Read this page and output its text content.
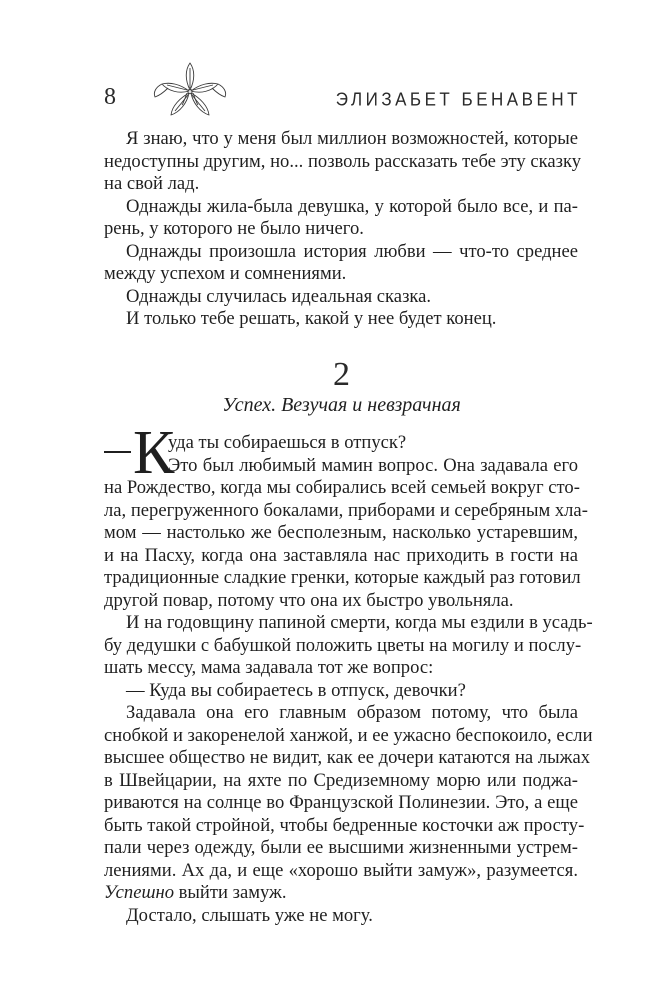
8	ЭЛИЗАБЕТ БЕНАВЕНТ
Я знаю, что у меня был миллион возможностей, которые
недоступны другим, но... позволь рассказать тебе эту сказку
на свой лад.
Однажды жила-была девушка, у которой было все, и па-
рень, у которого не было ничего.
Однажды произошла история любви — что-то среднее
между успехом и сомнениями.
Однажды случилась идеальная сказка.
И только тебе решать, какой у нее будет конец.
2
Успех. Везучая и невзрачная
К
уда ты собираешься в отпуск?
Это был любимый мамин вопрос. Она задавала его
на Рождество, когда мы собирались всей семьей вокруг сто-
ла, перегруженного бокалами, приборами и серебряным хла-
мом — настолько же бесполезным, насколько устаревшим,
и на Пасху, когда она заставляла нас приходить в гости на
традиционные сладкие гренки, которые каждый раз готовил
другой повар, потому что она их быстро увольняла.
И на годовщину папиной смерти, когда мы ездили в усадь-
бу дедушки с бабушкой положить цветы на могилу и послу-
шать мессу, мама задавала тот же вопрос:
— Куда вы собираетесь в отпуск, девочки?
Задавала она его главным образом потому, что была
снобкой и закоренелой ханжой, и ее ужасно беспокоило, если
высшее общество не видит, как ее дочери катаются на лыжах
в Швейцарии, на яхте по Средиземному морю или поджа-
риваются на солнце во Французской Полинезии. Это, а еще
быть такой стройной, чтобы бедренные косточки аж просту-
пали через одежду, были ее высшими жизненными устрем-
лениями. Ах да, и еще «хорошо выйти замуж», разумеется.
Успешно выйти замуж.
Достало, слышать уже не могу.
